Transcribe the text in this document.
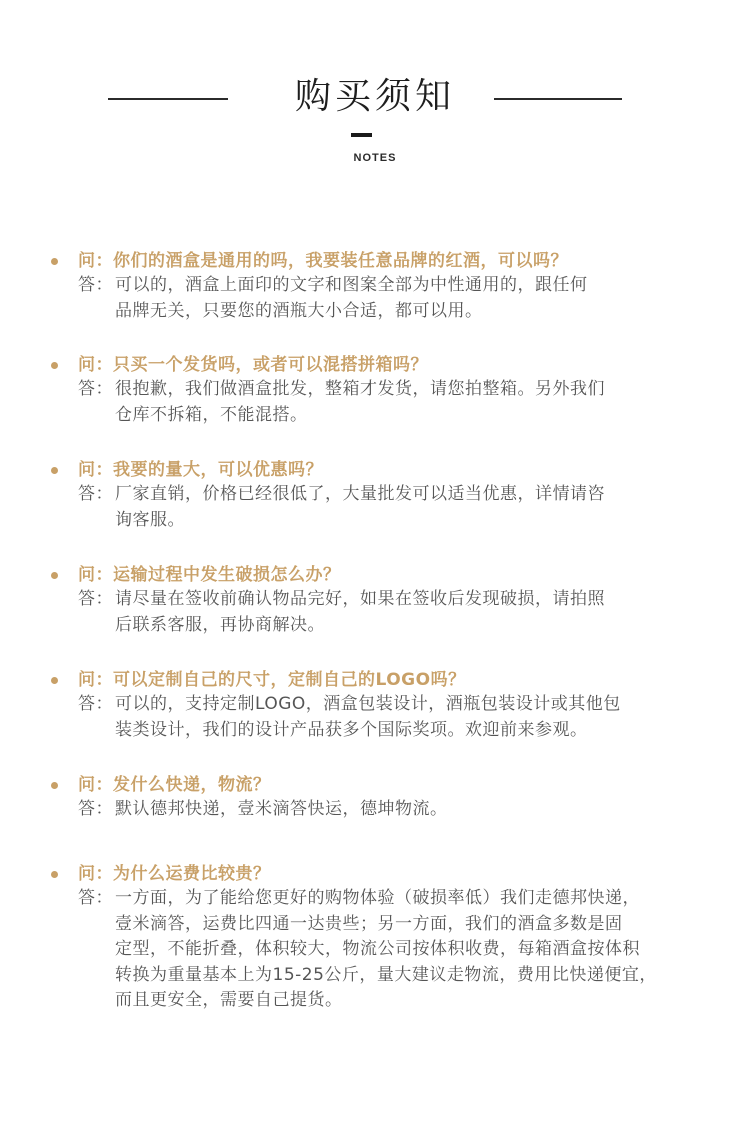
购买须知
NOTES
问：你们的酒盒是通用的吗，我要装任意品牌的红酒，可以吗？
答： 可以的，酒盒上面印的文字和图案全部为中性通用的，跟任何
品牌无关，只要您的酒瓶大小合适，都可以用。
问：只买一个发货吗，或者可以混搭拼箱吗？
答： 很抱歉，我们做酒盒批发，整箱才发货，请您拍整箱。另外我们
仓库不拆箱，不能混搭。
问：我要的量大，可以优惠吗？
答： 厂家直销，价格已经很低了，大量批发可以适当优惠，详情请咨
询客服。
问：运输过程中发生破损怎么办？
答： 请尽量在签收前确认物品完好，如果在签收后发现破损，请拍照
后联系客服，再协商解决。
问：可以定制自己的尺寸，定制自己的LOGO吗？
答： 可以的，支持定制LOGO，酒盒包装设计，酒瓶包装设计或其他包
装类设计，我们的设计产品获多个国际奖项。欢迎前来参观。
问：发什么快递，物流？
答： 默认德邦快递，壹米滴答快运，德坤物流。
问：为什么运费比较贵？
答： 一方面，为了能给您更好的购物体验（破损率低）我们走德邦快递，
壹米滴答，运费比四通一达贵些；另一方面，我们的酒盒多数是固
定型，不能折叠，体积较大，物流公司按体积收费，每箱酒盒按体积
转换为重量基本上为15-25公斤，量大建议走物流，费用比快递便宜，
而且更安全，需要自己提货。
